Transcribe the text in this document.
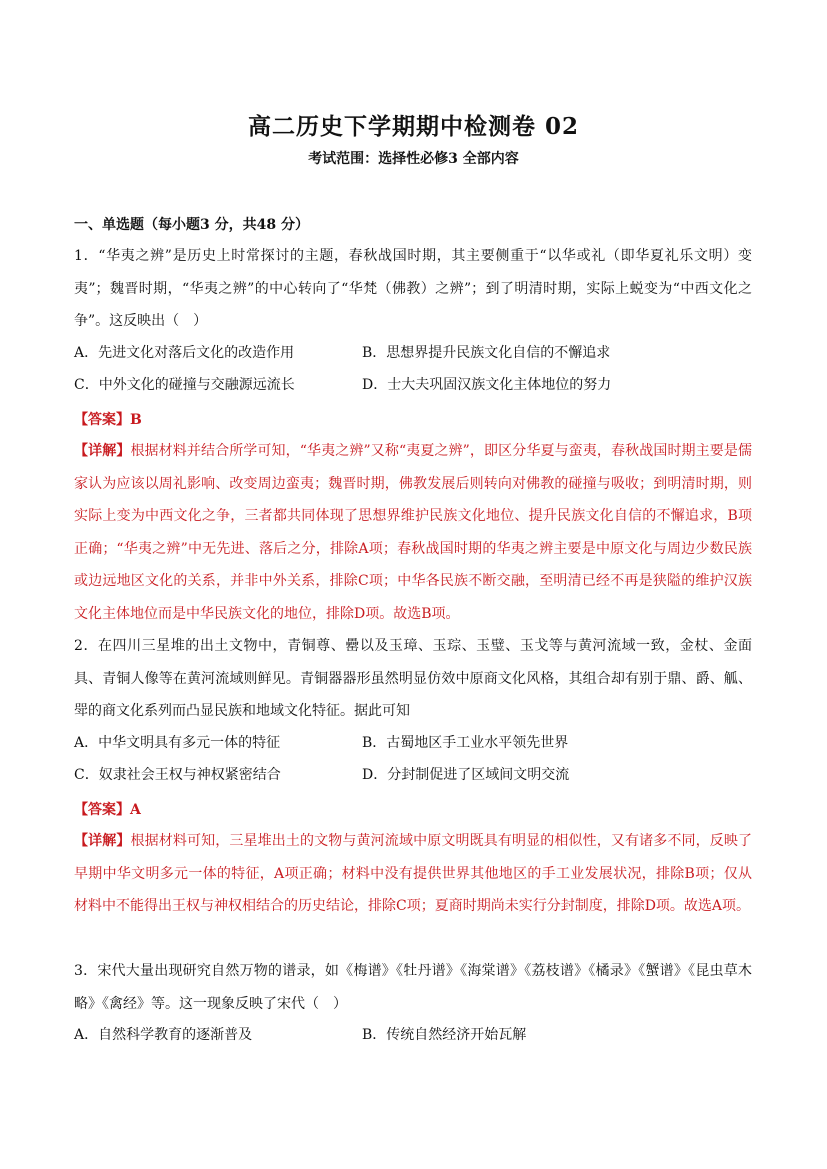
高二历史下学期期中检测卷 02
考试范围：选择性必修3 全部内容
一、单选题（每小题3 分，共48 分）
1．“华夷之辨”是历史上时常探讨的主题，春秋战国时期，其主要侧重于“以华或礼（即华夏礼乐文明）变夷”；魏晋时期，“华夷之辨”的中心转向了“华梵（佛教）之辨”；到了明清时期，实际上蜕变为“中西文化之争”。这反映出（　）
A．先进文化对落后文化的改造作用	B．思想界提升民族文化自信的不懈追求
C．中外文化的碰撞与交融源远流长	D．士大夫巩固汉族文化主体地位的努力
【答案】B
【详解】根据材料并结合所学可知，“华夷之辨”又称“夷夏之辨”，即区分华夏与蛮夷，春秋战国时期主要是儒家认为应该以周礼影响、改变周边蛮夷；魏晋时期，佛教发展后则转向对佛教的碰撞与吸收；到明清时期，则实际上变为中西文化之争，三者都共同体现了思想界维护民族文化地位、提升民族文化自信的不懈追求，B项正确；“华夷之辨”中无先进、落后之分，排除A项；春秋战国时期的华夷之辨主要是中原文化与周边少数民族或边远地区文化的关系，并非中外关系，排除C项；中华各民族不断交融，至明清已经不再是狭隘的维护汉族文化主体地位而是中华民族文化的地位，排除D项。故选B项。
2．在四川三星堆的出土文物中，青铜尊、罍以及玉璋、玉琮、玉璧、玉戈等与黄河流域一致，金杖、金面具、青铜人像等在黄河流域则鲜见。青铜器器形虽然明显仿效中原商文化风格，其组合却有别于鼎、爵、觚、斝的商文化系列而凸显民族和地域文化特征。据此可知
A．中华文明具有多元一体的特征	B．古蜀地区手工业水平领先世界
C．奴隶社会王权与神权紧密结合	D．分封制促进了区域间文明交流
【答案】A
【详解】根据材料可知，三星堆出土的文物与黄河流域中原文明既具有明显的相似性，又有诸多不同，反映了早期中华文明多元一体的特征，A项正确；材料中没有提供世界其他地区的手工业发展状况，排除B项；仅从材料中不能得出王权与神权相结合的历史结论，排除C项；夏商时期尚未实行分封制度，排除D项。故选A项。
3．宋代大量出现研究自然万物的谱录，如《梅谱》《牡丹谱》《海棠谱》《荔枝谱》《橘录》《蟹谱》《昆虫草木略》《禽经》等。这一现象反映了宋代（　）
A．自然科学教育的逐渐普及	B．传统自然经济开始瓦解
